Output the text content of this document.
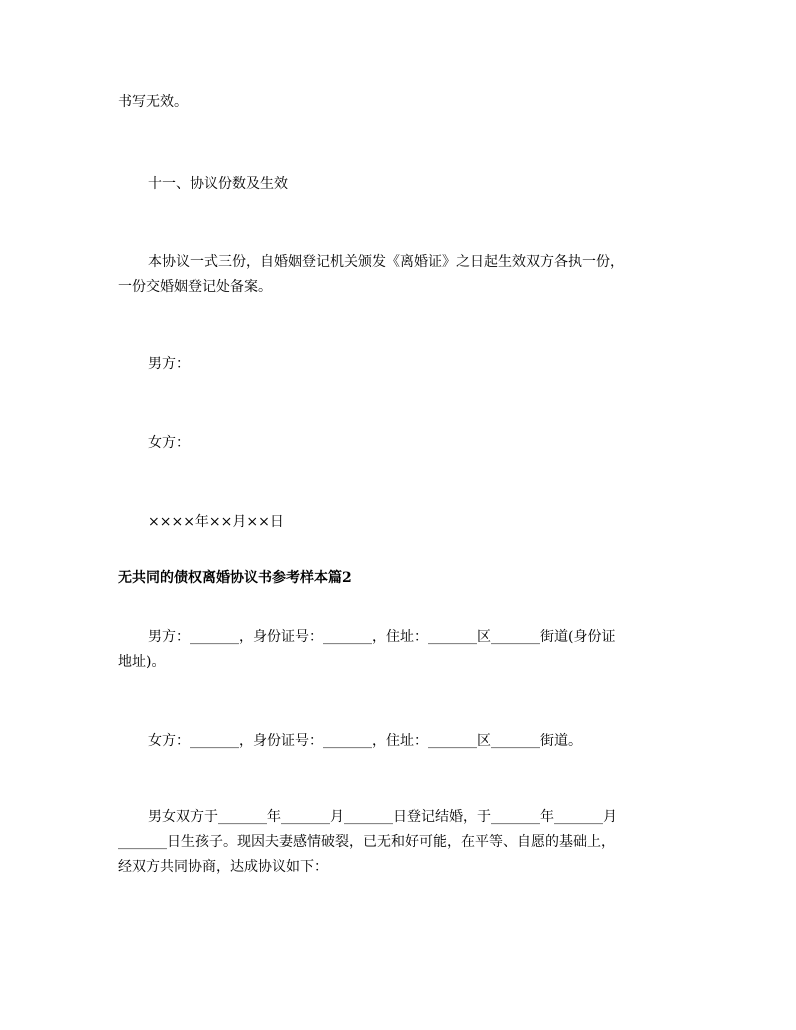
书写无效。
十一、协议份数及生效
本协议一式三份，自婚姻登记机关颁发《离婚证》之日起生效双方各执一份，
一份交婚姻登记处备案。
男方：
女方：
××××年××月××日
无共同的债权离婚协议书参考样本篇2
男方：_______，身份证号：_______，住址：_______区_______街道(身份证
地址)。
女方：_______，身份证号：_______，住址：_______区_______街道。
男女双方于_______年_______月_______日登记结婚，于_______年_______月
_______日生孩子。现因夫妻感情破裂，已无和好可能，在平等、自愿的基础上，
经双方共同协商，达成协议如下：
